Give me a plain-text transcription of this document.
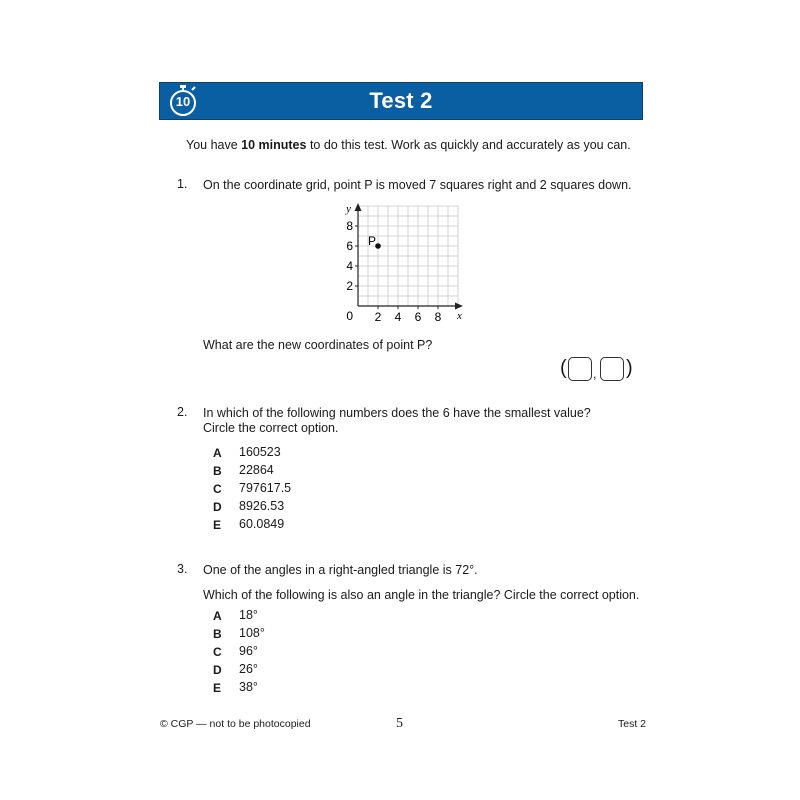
10	Test 2
You have 10 minutes to do this test. Work as quickly and accurately as you can.
1. On the coordinate grid, point P is moved 7 squares right and 2 squares down.
8
6
4
2
2 4 6 8
y
x
0
P
What are the new coordinates of point P?
( , )
2. In which of the following numbers does the 6 have the smallest value?
Circle the correct option.
A 160523
B 22864
C 797617.5
D 8926.53
E 60.0849
3. One of the angles in a right-angled triangle is 72°.
Which of the following is also an angle in the triangle? Circle the correct option.
A 18°
B 108°
C 96°
D 26°
E 38°
© CGP — not to be photocopied	5	Test 2
